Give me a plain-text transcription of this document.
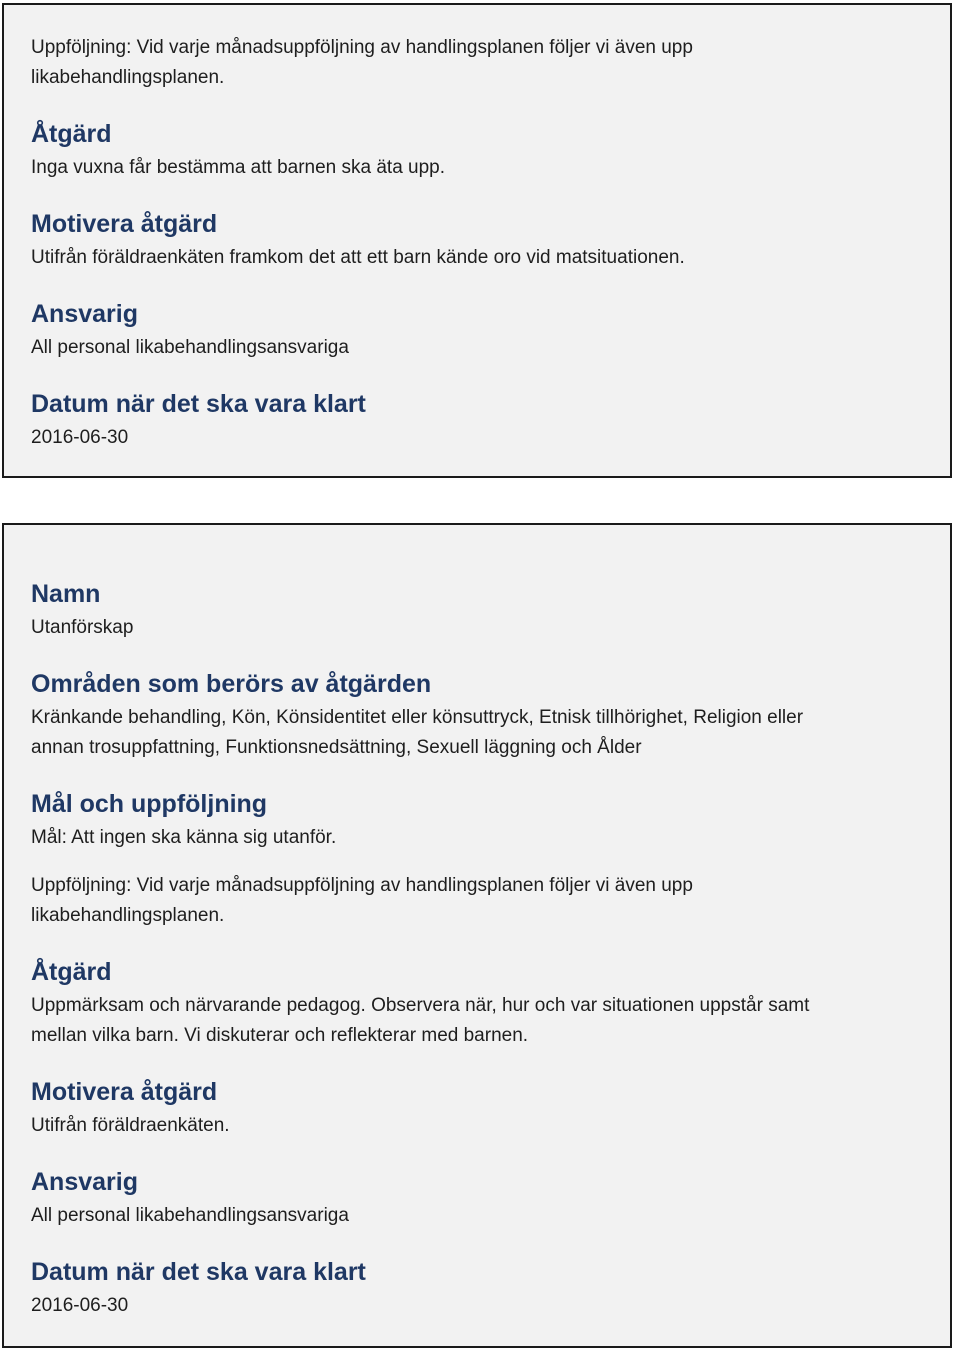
Uppföljning: Vid varje månadsuppföljning av handlingsplanen följer vi även upp

likabehandlingsplanen.

Åtgärd

Inga vuxna får bestämma att barnen ska äta upp.

Motivera åtgärd

Utifrån föräldraenkäten framkom det att ett barn kände oro vid matsituationen.

Ansvarig

All personal likabehandlingsansvariga

Datum när det ska vara klart

2016-06-30

Namn

Utanförskap

Områden som berörs av åtgärden

Kränkande behandling, Kön, Könsidentitet eller könsuttryck, Etnisk tillhörighet, Religion eller

annan trosuppfattning, Funktionsnedsättning, Sexuell läggning och Ålder

Mål och uppföljning

Mål: Att ingen ska känna sig utanför.

Uppföljning: Vid varje månadsuppföljning av handlingsplanen följer vi även upp

likabehandlingsplanen.

Åtgärd

Uppmärksam och närvarande pedagog. Observera när, hur och var situationen uppstår samt

mellan vilka barn. Vi diskuterar och reflekterar med barnen.

Motivera åtgärd

Utifrån föräldraenkäten.

Ansvarig

All personal likabehandlingsansvariga

Datum när det ska vara klart

2016-06-30
